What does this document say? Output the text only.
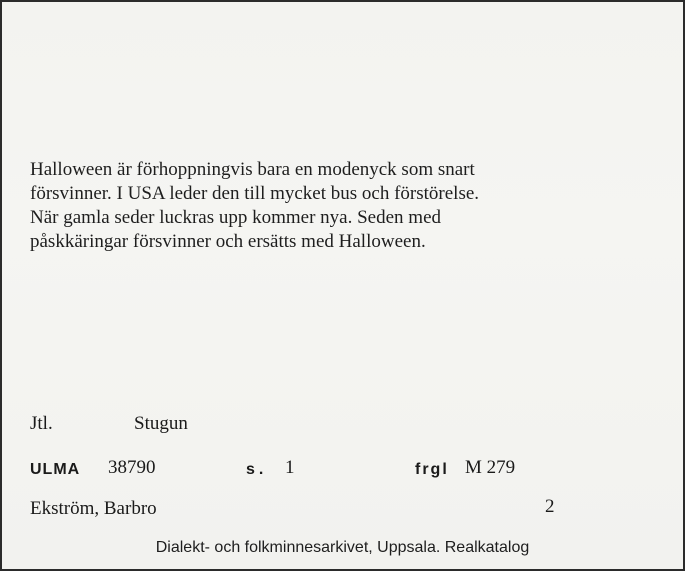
Halloween är förhoppningvis bara en modenyck som snart
försvinner. I USA leder den till mycket bus och förstörelse.
När gamla seder luckras upp kommer nya. Seden med
påskkäringar försvinner och ersätts med Halloween.
Jtl.	Stugun
ULMA 38790	s. 1	frgl M 279
Ekström, Barbro	2
Dialekt- och folkminnesarkivet, Uppsala. Realkatalog
